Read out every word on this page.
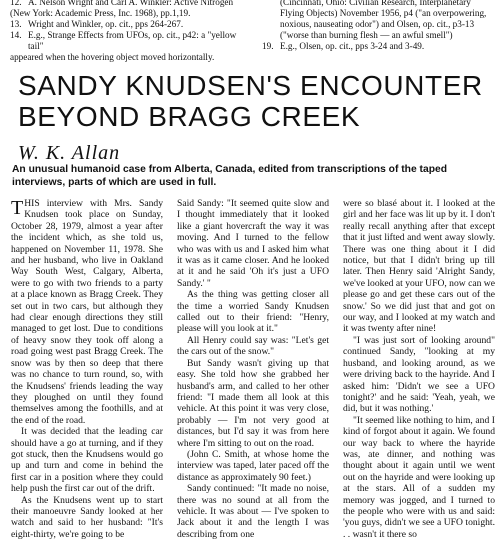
12. A. Nelson Wright and Carl A. Winkler: Active Nitrogen
(New York: Academic Press, Inc. 1968), pp.1,19.
13. Wright and Winkler, op. cit., pps 264-267.
14. E.g., Strange Effects from UFOs, op. cit., p42: a "yellow tail"
appeared when the hovering object moved horizontally.
(Cincinnati, Ohio: Civilian Research, Interplanetary
Flying Objects) November 1956, p4 ("an overpowering,
noxious, nauseating odor") and Olsen, op. cit., p3-13
("worse than burning flesh — an awful smell")
19. E.g., Olsen, op. cit., pps 3-24 and 3-49.
SANDY KNUDSEN'S ENCOUNTER
BEYOND BRAGG CREEK
W. K. Allan
An unusual humanoid case from Alberta, Canada, edited from transcriptions of the taped interviews, parts of which are used in full.

THIS interview with Mrs. Sandy Knudsen took place on Sunday, October 28, 1979, almost a year after the incident which, as she told us, happened on November 11, 1978. She and her husband, who live in Oakland Way South West, Calgary, Alberta, were to go with two friends to a party at a place known as Bragg Creek. They set out in two cars, but although they had clear enough directions they still managed to get lost. Due to conditions of heavy snow they took off along a road going west past Bragg Creek. The snow was by then so deep that there was no chance to turn round, so, with the Knudsens' friends leading the way they ploughed on until they found themselves among the foothills, and at the end of the road.

It was decided that the leading car should have a go at turning, and if they got stuck, then the Knudsens would go up and turn and come in behind the first car in a position where they could help push the first car out of the drift.

As the Knudsens went up to start their manoeuvre Sandy looked at her watch and said to her husband: "It's eight-thirty, we're going to be

Said Sandy: "It seemed quite slow and I thought immediately that it looked like a giant hovercraft the way it was moving. And I turned to the fellow who was with us and I asked him what it was as it came closer. And he looked at it and he said 'Oh it's just a UFO Sandy.' "

As the thing was getting closer all the time a worried Sandy Knudsen called out to their friend: "Henry, please will you look at it."

All Henry could say was: "Let's get the cars out of the snow."

But Sandy wasn't giving up that easy. She told how she grabbed her husband's arm, and called to her other friend: "I made them all look at this vehicle. At this point it was very close, probably — I'm not very good at distances, but I'd say it was from here where I'm sitting to out on the road.

(John C. Smith, at whose home the interview was taped, later paced off the distance as approximately 90 feet.)

Sandy continued: "It made no noise, there was no sound at all from the vehicle. It was about — I've spoken to Jack about it and the length I was describing from one

were so blasé about it. I looked at the girl and her face was lit up by it. I don't really recall anything after that except that it just lifted and went away slowly. There was one thing about it I did notice, but that I didn't bring up till later. Then Henry said 'Alright Sandy, we've looked at your UFO, now can we please go and get these cars out of the snow.' So we did just that and got on our way, and I looked at my watch and it was twenty after nine!

"I was just sort of looking around" continued Sandy, "looking at my husband, and looking around, as we were driving back to the hayride. And I asked him: 'Didn't we see a UFO tonight?' and he said: 'Yeah, yeah, we did, but it was nothing.'

"It seemed like nothing to him, and I kind of forgot about it again. We found our way back to where the hayride was, ate dinner, and nothing was thought about it again until we went out on the hayride and were looking up at the stars. All of a sudden my memory was jogged, and I turned to the people who were with us and said: 'you guys, didn't we see a UFO tonight. . . wasn't it there so
